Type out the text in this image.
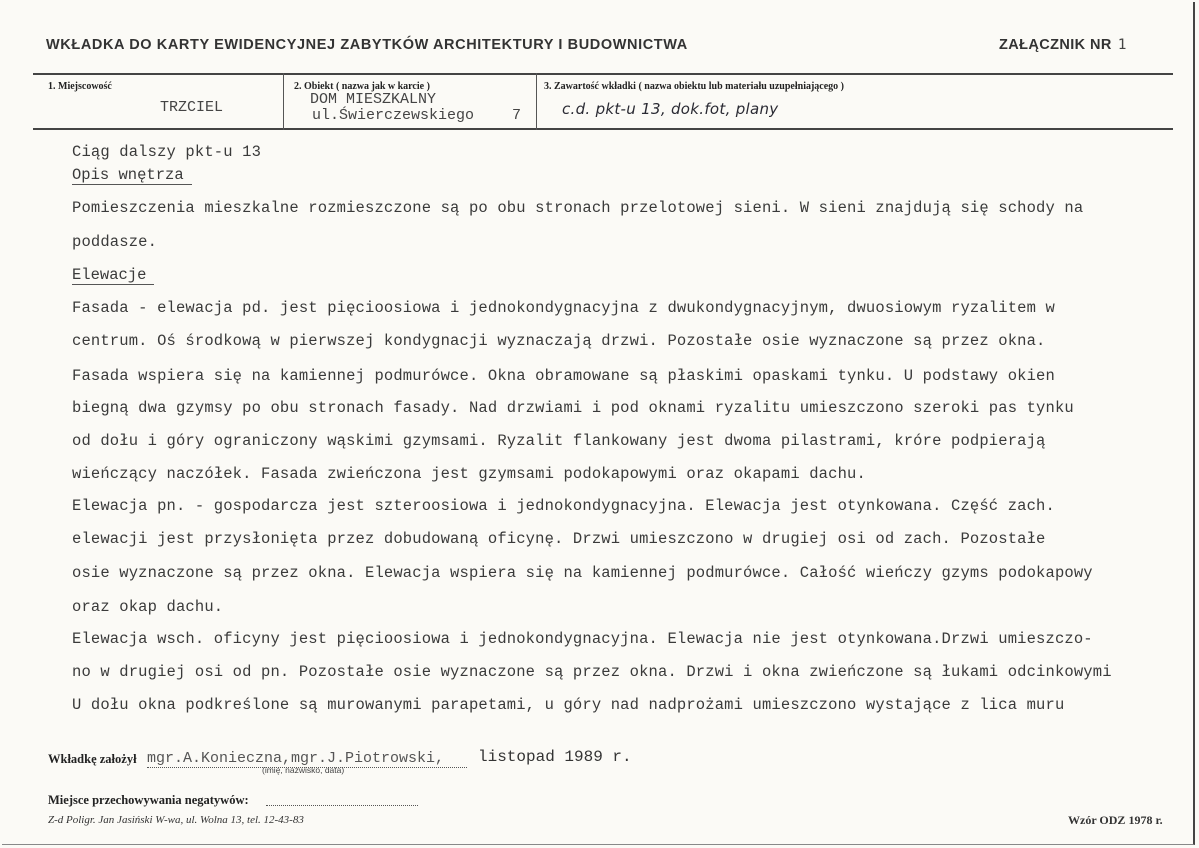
WKŁADKA DO KARTY EWIDENCYJNEJ ZABYTKÓW ARCHITEKTURY I BUDOWNICTWA	ZAŁĄCZNIK NR 1
1. Miejscowość
TRZCIEL
2. Obiekt ( nazwa jak w karcie )
DOM MIESZKALNY
ul.Świerczewskiego	7
3. Zawartość wkładki ( nazwa obiektu lub materiału uzupełniającego )
c.d. pkt-u 13, dok.fot, plany
Ciąg dalszy pkt-u 13
Opis wnętrza
Pomieszczenia mieszkalne rozmieszczone są po obu stronach przelotowej sieni. W sieni znajdują się schody na
poddasze.
Elewacje
Fasada - elewacja pd. jest pięcioosiowa i jednokondygnacyjna z dwukondygnacyjnym, dwuosiowym ryzalitem w
centrum. Oś środkową w pierwszej kondygnacji wyznaczają drzwi. Pozostałe osie wyznaczone są przez okna.
Fasada wspiera się na kamiennej podmurówce. Okna obramowane są płaskimi opaskami tynku. U podstawy okien
biegną dwa gzymsy po obu stronach fasady. Nad drzwiami i pod oknami ryzalitu umieszczono szeroki pas tynku
od dołu i góry ograniczony wąskimi gzymsami. Ryzalit flankowany jest dwoma pilastrami, króre podpierają
wieńczący naczółek. Fasada zwieńczona jest gzymsami podokapowymi oraz okapami dachu.
Elewacja pn. - gospodarcza jest szteroosiowa i jednokondygnacyjna. Elewacja jest otynkowana. Część zach.
elewacji jest przysłonięta przez dobudowaną oficynę. Drzwi umieszczono w drugiej osi od zach. Pozostałe
osie wyznaczone są przez okna. Elewacja wspiera się na kamiennej podmurówce. Całość wieńczy gzyms podokapowy
oraz okap dachu.
Elewacja wsch. oficyny jest pięcioosiowa i jednokondygnacyjna. Elewacja nie jest otynkowana.Drzwi umieszczo-
no w drugiej osi od pn. Pozostałe osie wyznaczone są przez okna. Drzwi i okna zwieńczone są łukami odcinkowymi
U dołu okna podkreślone są murowanymi parapetami, u góry nad nadprożami umieszczono wystające z lica muru
Wkładkę założył mgr.A.Konieczna,mgr.J.Piotrowski, listopad 1989 r.
(imię, nazwisko, data)
Miejsce przechowywania negatywów:
Z-d Poligr. Jan Jasiński W-wa, ul. Wolna 13, tel. 12-43-83	Wzór ODZ 1978 r.
